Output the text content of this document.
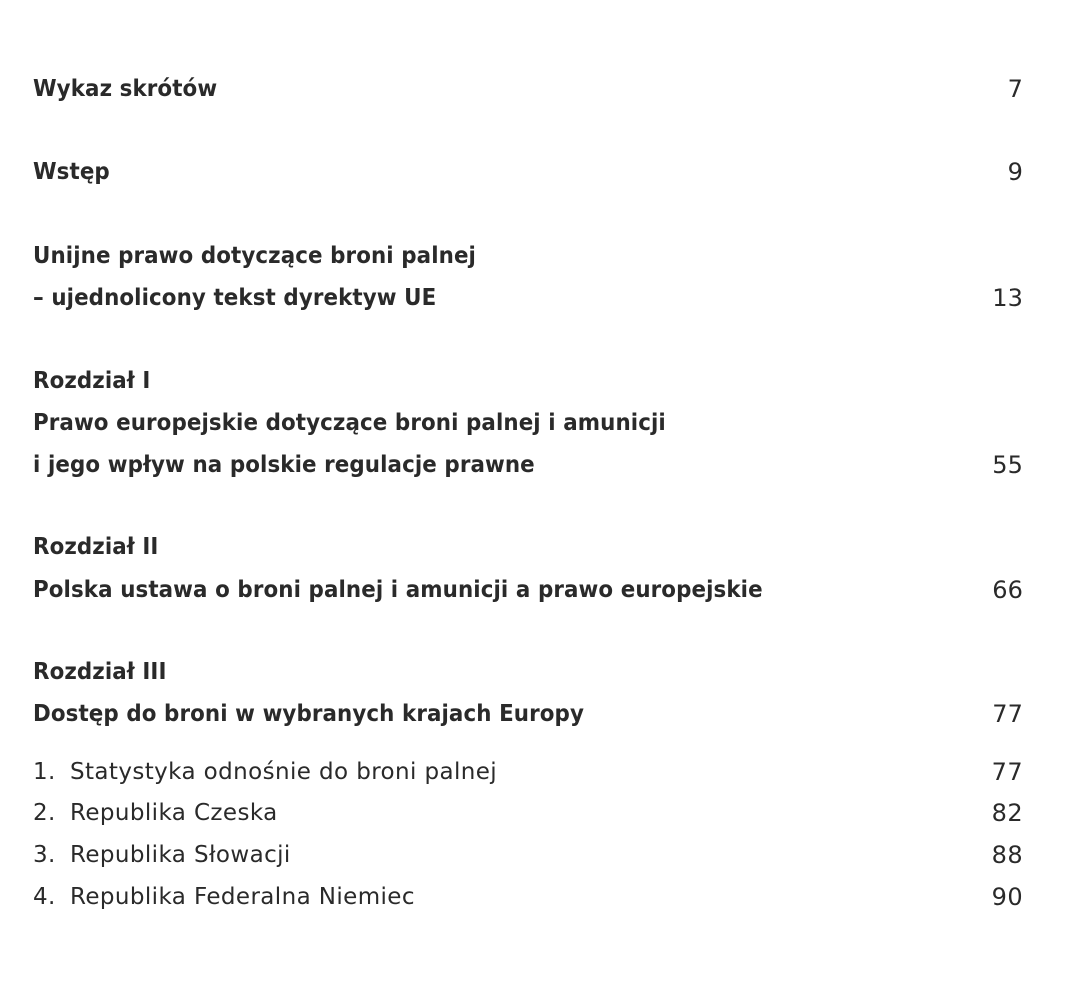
Wykaz skrótów	7
Wstęp	9
Unijne prawo dotyczące broni palnej
– ujednolicony tekst dyrektyw UE	13
Rozdział I
Prawo europejskie dotyczące broni palnej i amunicji
i jego wpływ na polskie regulacje prawne	55
Rozdział II
Polska ustawa o broni palnej i amunicji a prawo europejskie	66
Rozdział III
Dostęp do broni w wybranych krajach Europy	77
1. Statystyka odnośnie do broni palnej	77
2. Republika Czeska	82
3. Republika Słowacji	88
4. Republika Federalna Niemiec	90
